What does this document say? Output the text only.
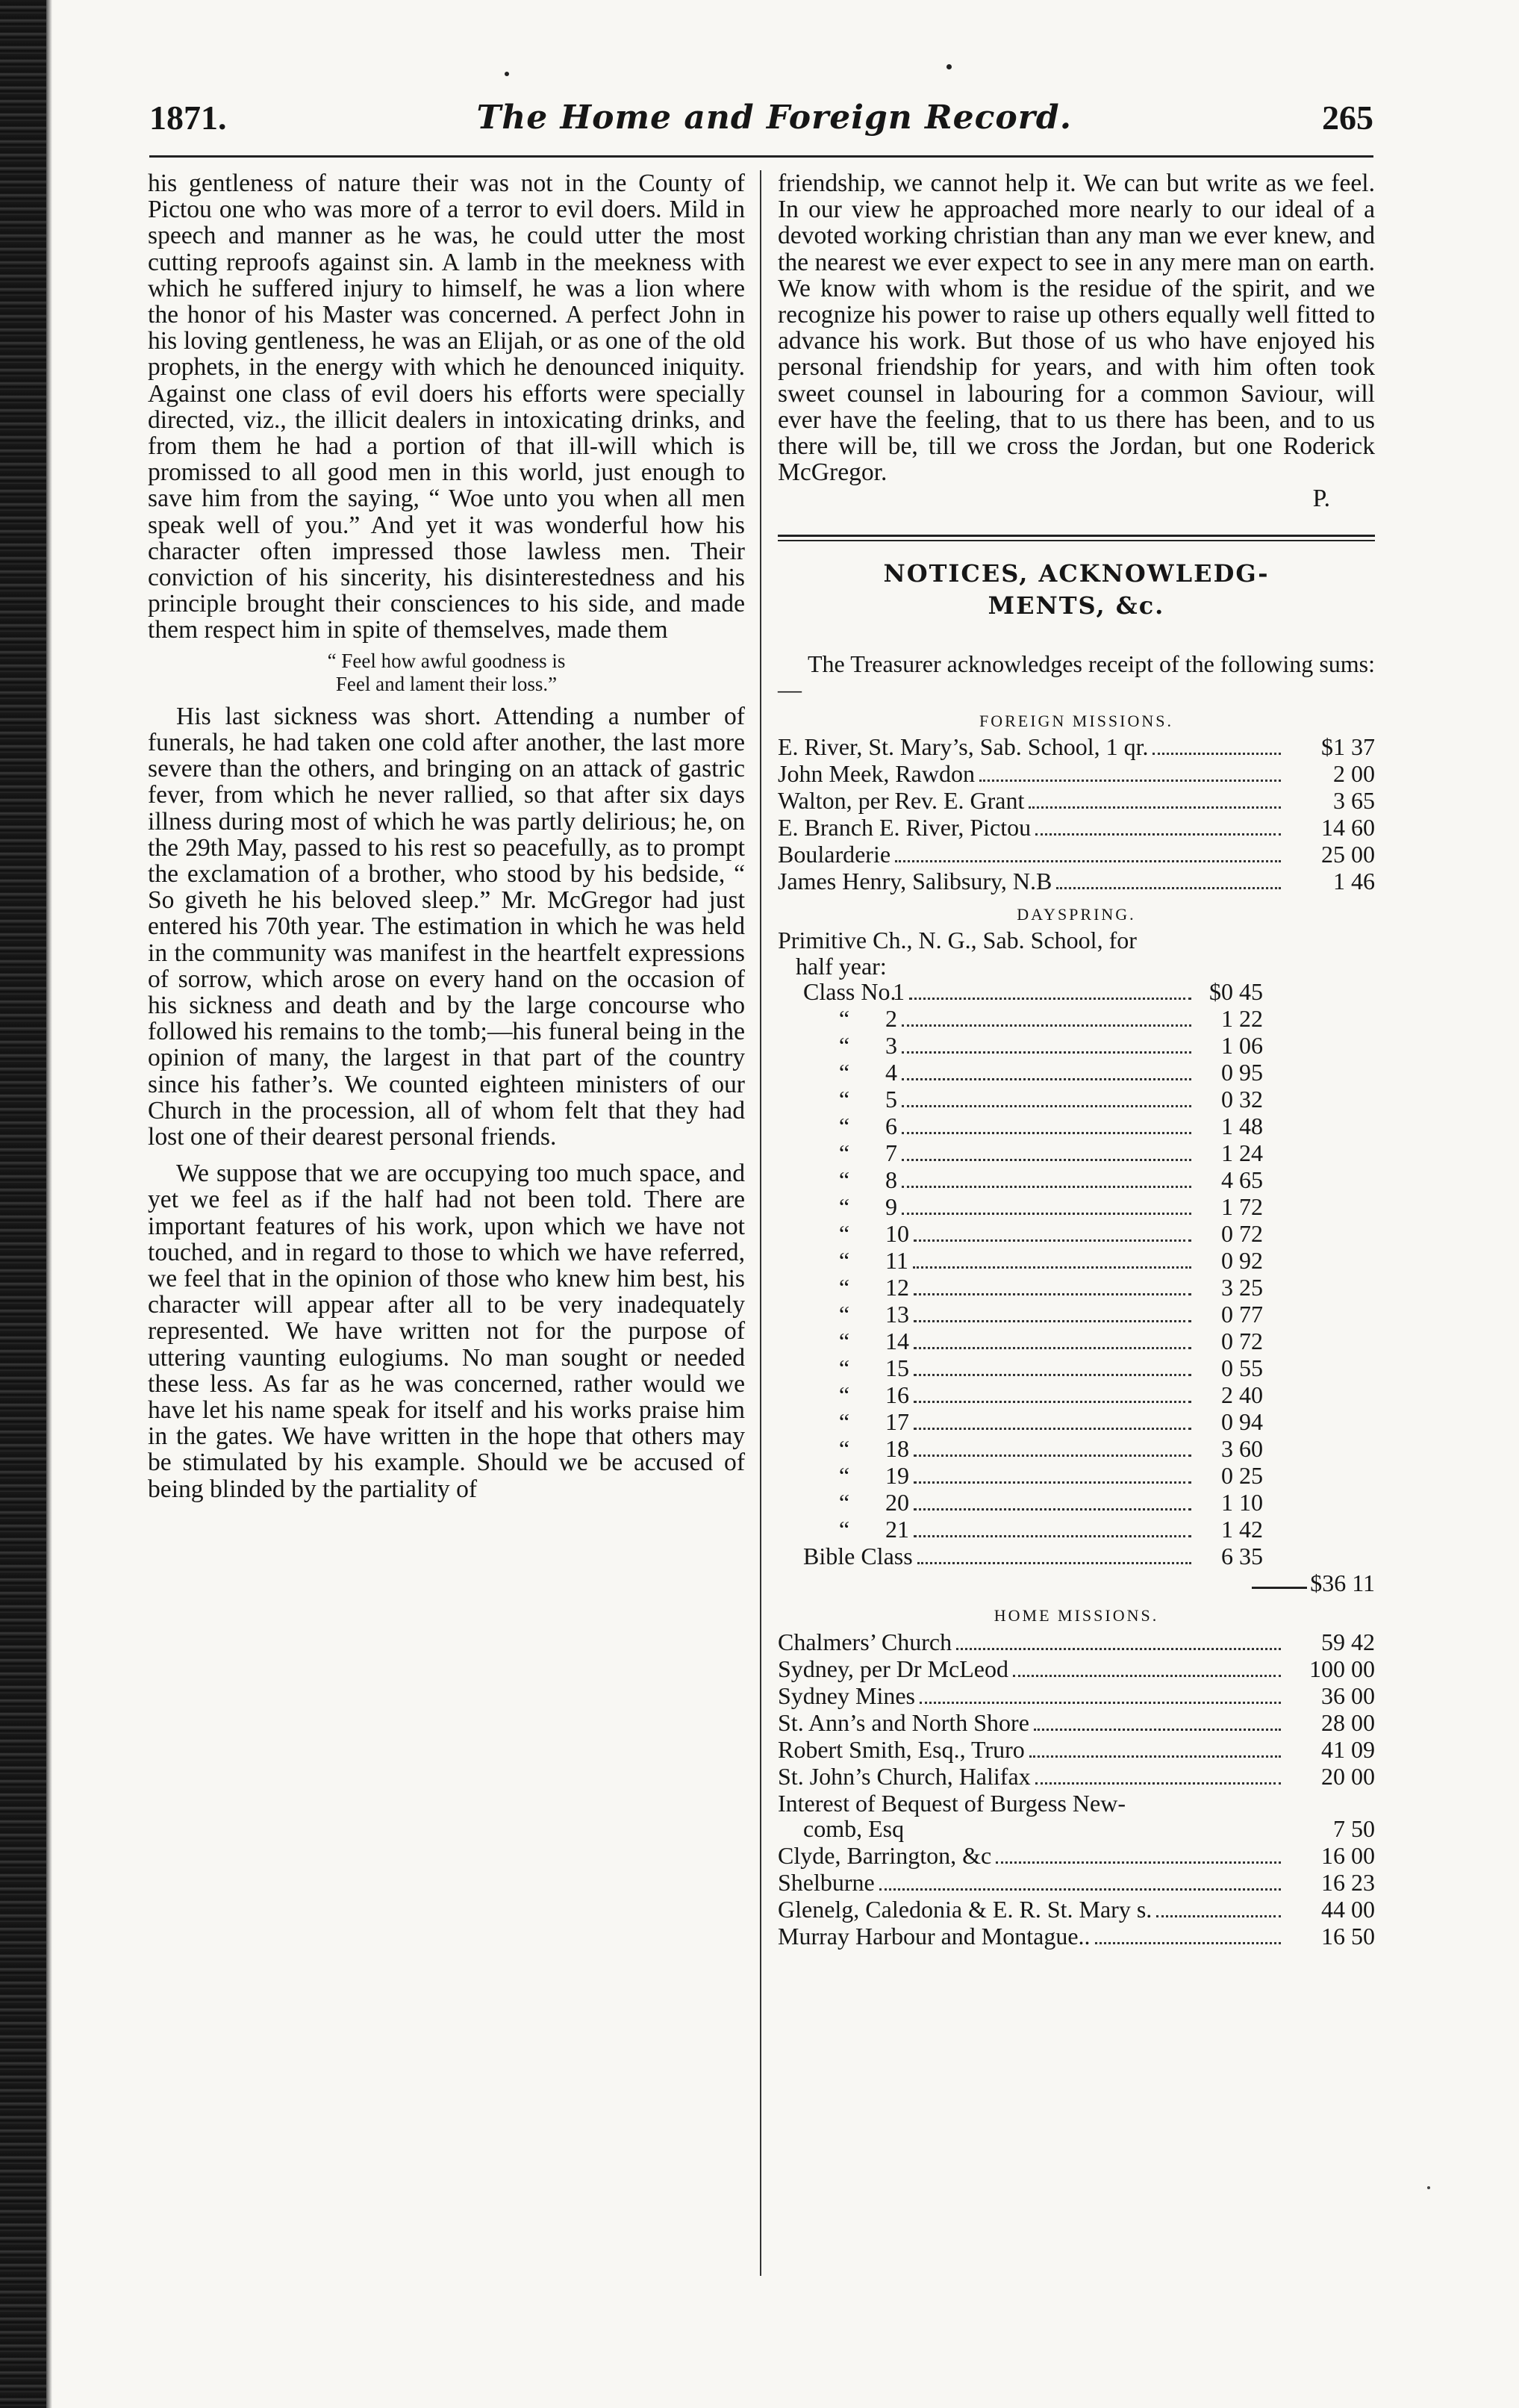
1871.	The Home and Foreign Record.	265

his gentleness of nature their was not in the County of Pictou one who was more of a terror to evil doers. Mild in speech and manner as he was, he could utter the most cutting reproofs against sin. A lamb in the meekness with which he suffered injury to himself, he was a lion where the honor of his Master was concerned. A perfect John in his loving gentleness, he was an Elijah, or as one of the old prophets, in the energy with which he denounced iniquity. Against one class of evil doers his efforts were specially directed, viz., the illicit dealers in intoxicating drinks, and from them he had a portion of that ill-will which is promissed to all good men in this world, just enough to save him from the saying, “ Woe unto you when all men speak well of you.” And yet it was wonderful how his character often impressed those lawless men. Their conviction of his sincerity, his disinterestedness and his principle brought their consciences to his side, and made them respect him in spite of themselves, made them

“ Feel how awful goodness is
Feel and lament their loss.”

His last sickness was short. Attending a number of funerals, he had taken one cold after another, the last more severe than the others, and bringing on an attack of gastric fever, from which he never rallied, so that after six days illness during most of which he was partly delirious; he, on the 29th May, passed to his rest so peacefully, as to prompt the exclamation of a brother, who stood by his bedside, “ So giveth he his beloved sleep.” Mr. McGregor had just entered his 70th year. The estimation in which he was held in the community was manifest in the heartfelt expressions of sorrow, which arose on every hand on the occasion of his sickness and death and by the large concourse who followed his remains to the tomb;—his funeral being in the opinion of many, the largest in that part of the country since his father’s. We counted eighteen ministers of our Church in the procession, all of whom felt that they had lost one of their dearest personal friends.

We suppose that we are occupying too much space, and yet we feel as if the half had not been told. There are important features of his work, upon which we have not touched, and in regard to those to which we have referred, we feel that in the opinion of those who knew him best, his character will appear after all to be very inadequately represented. We have written not for the purpose of uttering vaunting eulogiums. No man sought or needed these less. As far as he was concerned, rather would we have let his name speak for itself and his works praise him in the gates. We have written in the hope that others may be stimulated by his example. Should we be accused of being blinded by the partiality of

friendship, we cannot help it. We can but write as we feel. In our view he approached more nearly to our ideal of a devoted working christian than any man we ever knew, and the nearest we ever expect to see in any mere man on earth. We know with whom is the residue of the spirit, and we recognize his power to raise up others equally well fitted to advance his work. But those of us who have enjoyed his personal friendship for years, and with him often took sweet counsel in labouring for a common Saviour, will ever have the feeling, that to us there has been, and to us there will be, till we cross the Jordan, but one Roderick McGregor.

P.
NOTICES, ACKNOWLEDG-
MENTS, &c.

The Treasurer acknowledges receipt of the following sums:—

FOREIGN MISSIONS.
E. River, St. Mary’s, Sab. School, 1 qr.	$1 37
John Meek, Rawdon	2 00
Walton, per Rev. E. Grant	3 65
E. Branch E. River, Pictou	14 60
Boularderie	25 00
James Henry, Salibsury, N.B	1 46
DAYSPRING.
Primitive Ch., N. G., Sab. School, for
half year:
Class No.1	$0 45
“ 2	1 22
“ 3	1 06
“ 4	0 95
“ 5	0 32
“ 6	1 48
“ 7	1 24
“ 8	4 65
“ 9	1 72
“ 10	0 72
“ 11	0 92
“ 12	3 25
“ 13	0 77
“ 14	0 72
“ 15	0 55
“ 16	2 40
“ 17	0 94
“ 18	3 60
“ 19	0 25
“ 20	1 10
“ 21	1 42
Bible Class	6 35
$36 11
HOME MISSIONS.
Chalmers’ Church	59 42
Sydney, per Dr McLeod	100 00
Sydney Mines	36 00
St. Ann’s and North Shore	28 00
Robert Smith, Esq., Truro	41 09
St. John’s Church, Halifax	20 00
Interest of Bequest of Burgess New-
comb, Esq	7 50
Clyde, Barrington, &c	16 00
Shelburne	16 23
Glenelg, Caledonia & E. R. St. Mary s.	44 00
Murray Harbour and Montague..	16 50
